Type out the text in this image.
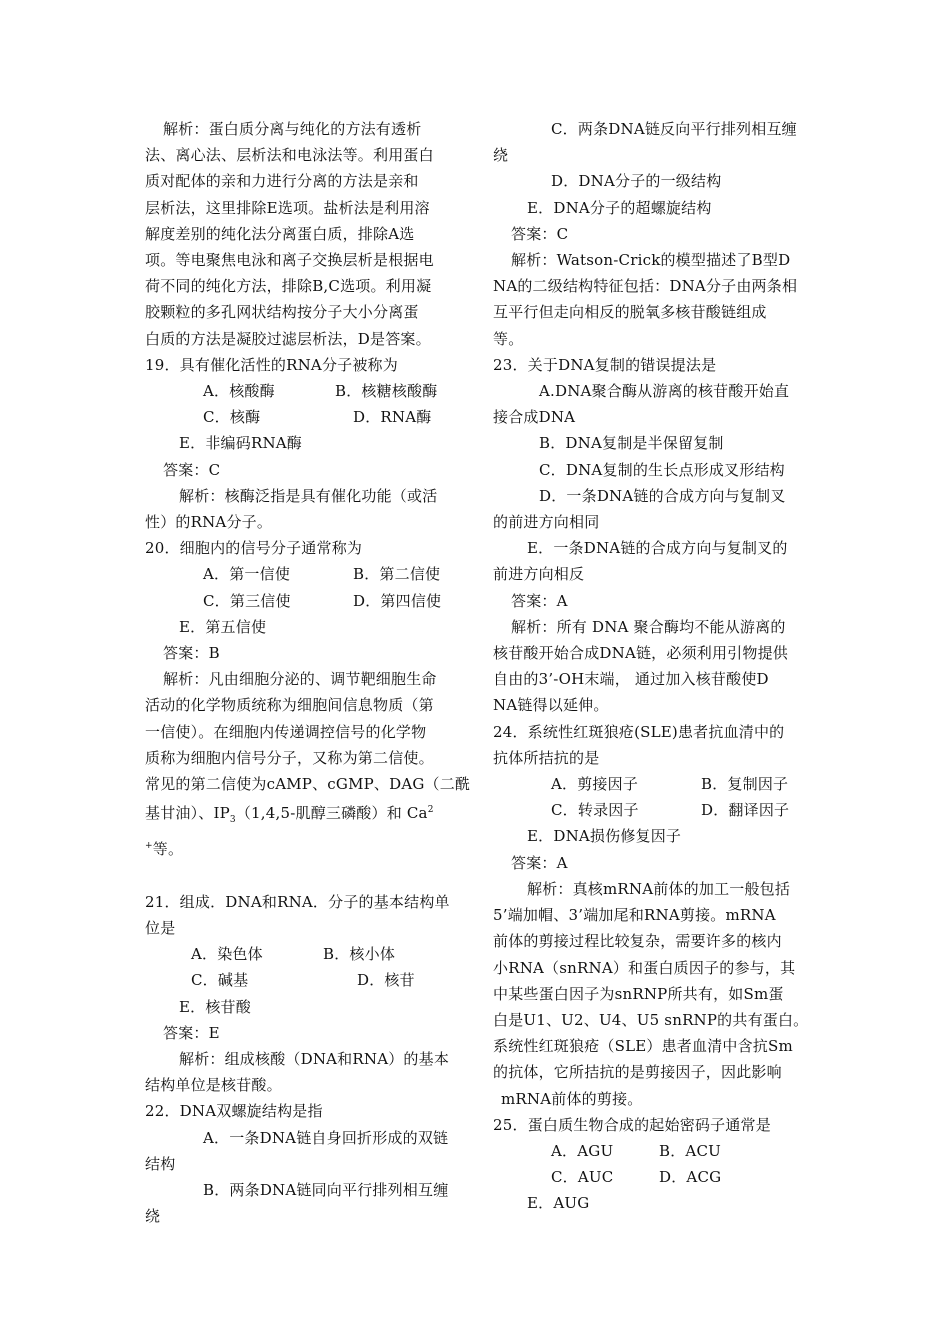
解析：蛋白质分离与纯化的方法有透析
法、离心法、层析法和电泳法等。利用蛋白
质对配体的亲和力进行分离的方法是亲和
层析法，这里排除E选项。盐析法是利用溶
解度差别的纯化法分离蛋白质，排除A选
项。等电聚焦电泳和离子交换层析是根据电
荷不同的纯化方法，排除B,C选项。利用凝
胶颗粒的多孔网状结构按分子大小分离蛋
白质的方法是凝胶过滤层析法，D是答案。
19．具有催化活性的RNA分子被称为
A．核酸酶	B．核糖核酸酶
C．核酶	D．RNA酶
E．非编码RNA酶
答案：C
解析：核酶泛指是具有催化功能（或活
性）的RNA分子。
20．细胞内的信号分子通常称为
A．第一信使	B．第二信使
C．第三信使	D．第四信使
E．第五信使
答案：B
解析：凡由细胞分泌的、调节靶细胞生命
活动的化学物质统称为细胞间信息物质（第
一信使）。在细胞内传递调控信号的化学物
质称为细胞内信号分子，又称为第二信使。
常见的第二信使为cAMP、cGMP、DAG（二酰
基甘油）、$IP_3(1,4,5-$肌醇三磷酸）和 Ca$^2$
+等。
21．组成．DNA和RNA．分子的基本结构单
位是
A．染色体	B．核小体
C．碱基	D．核苷
E．核苷酸
答案：E
解析：组成核酸（DNA和RNA）的基本
结构单位是核苷酸。
22．DNA双螺旋结构是指
A．一条DNA链自身回折形成的双链
结构
B．两条DNA链同向平行排列相互缠
绕
C．两条DNA链反向平行排列相互缠
绕
D．DNA分子的一级结构
E．DNA分子的超螺旋结构
答案：C
解析：Watson-Crick的模型描述了B型D
NA的二级结构特征包括：DNA分子由两条相
互平行但走向相反的脱氧多核苷酸链组成
等。
23．关于DNA复制的错误提法是
A.DNA聚合酶从游离的核苷酸开始直
接合成DNA
B．DNA复制是半保留复制
C．DNA复制的生长点形成叉形结构
D．一条DNA链的合成方向与复制叉
的前进方向相同
E．一条DNA链的合成方向与复制叉的
前进方向相反
答案：A
解析：所有 DNA 聚合酶均不能从游离的
核苷酸开始合成DNA链，必须利用引物提供
自由的3’-OH末端， 通过加入核苷酸使D
NA链得以延伸。
24．系统性红斑狼疮(SLE)患者抗血清中的
抗体所拮抗的是
A．剪接因子	B．复制因子
C．转录因子	D．翻译因子
E．DNA损伤修复因子
答案：A
解析：真核mRNA前体的加工一般包括
5’端加帽、3’端加尾和RNA剪接。mRNA
前体的剪接过程比较复杂，需要许多的核内
小RNA（snRNA）和蛋白质因子的参与，其
中某些蛋白因子为snRNP所共有，如Sm蛋
白是U1、U2、U4、U5 snRNP的共有蛋白。
系统性红斑狼疮（SLE）患者血清中含抗Sm
的抗体，它所拮抗的是剪接因子，因此影响
mRNA前体的剪接。
25．蛋白质生物合成的起始密码子通常是
A．AGU	B．ACU
C．AUC	D．ACG
E．AUG
